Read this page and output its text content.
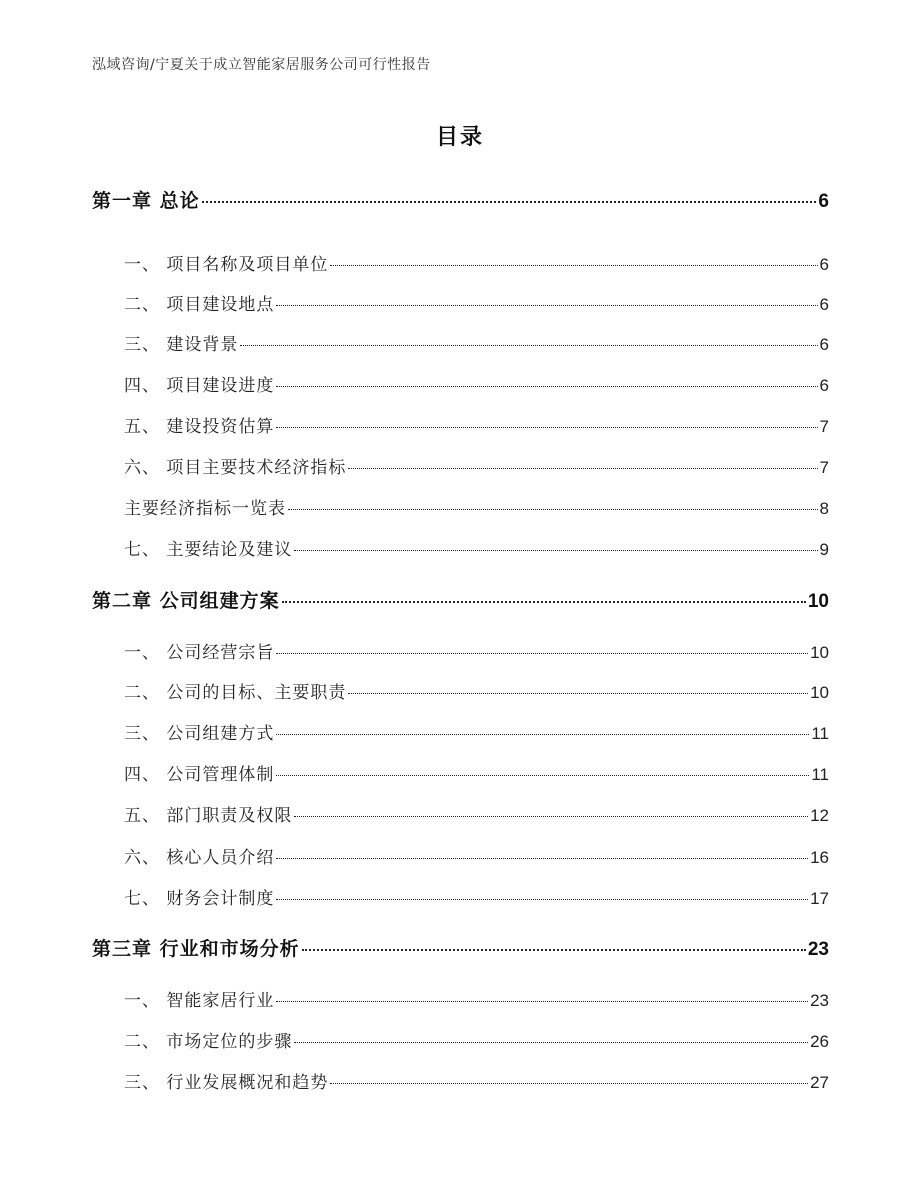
泓域咨询/宁夏关于成立智能家居服务公司可行性报告
目录
第一章 总论	6
一、 项目名称及项目单位	6
二、 项目建设地点	6
三、 建设背景	6
四、 项目建设进度	6
五、 建设投资估算	7
六、 项目主要技术经济指标	7
主要经济指标一览表	8
七、 主要结论及建议	9
第二章 公司组建方案	10
一、 公司经营宗旨	10
二、 公司的目标、主要职责	10
三、 公司组建方式	11
四、 公司管理体制	11
五、 部门职责及权限	12
六、 核心人员介绍	16
七、 财务会计制度	17
第三章 行业和市场分析	23
一、 智能家居行业	23
二、 市场定位的步骤	26
三、 行业发展概况和趋势	27
